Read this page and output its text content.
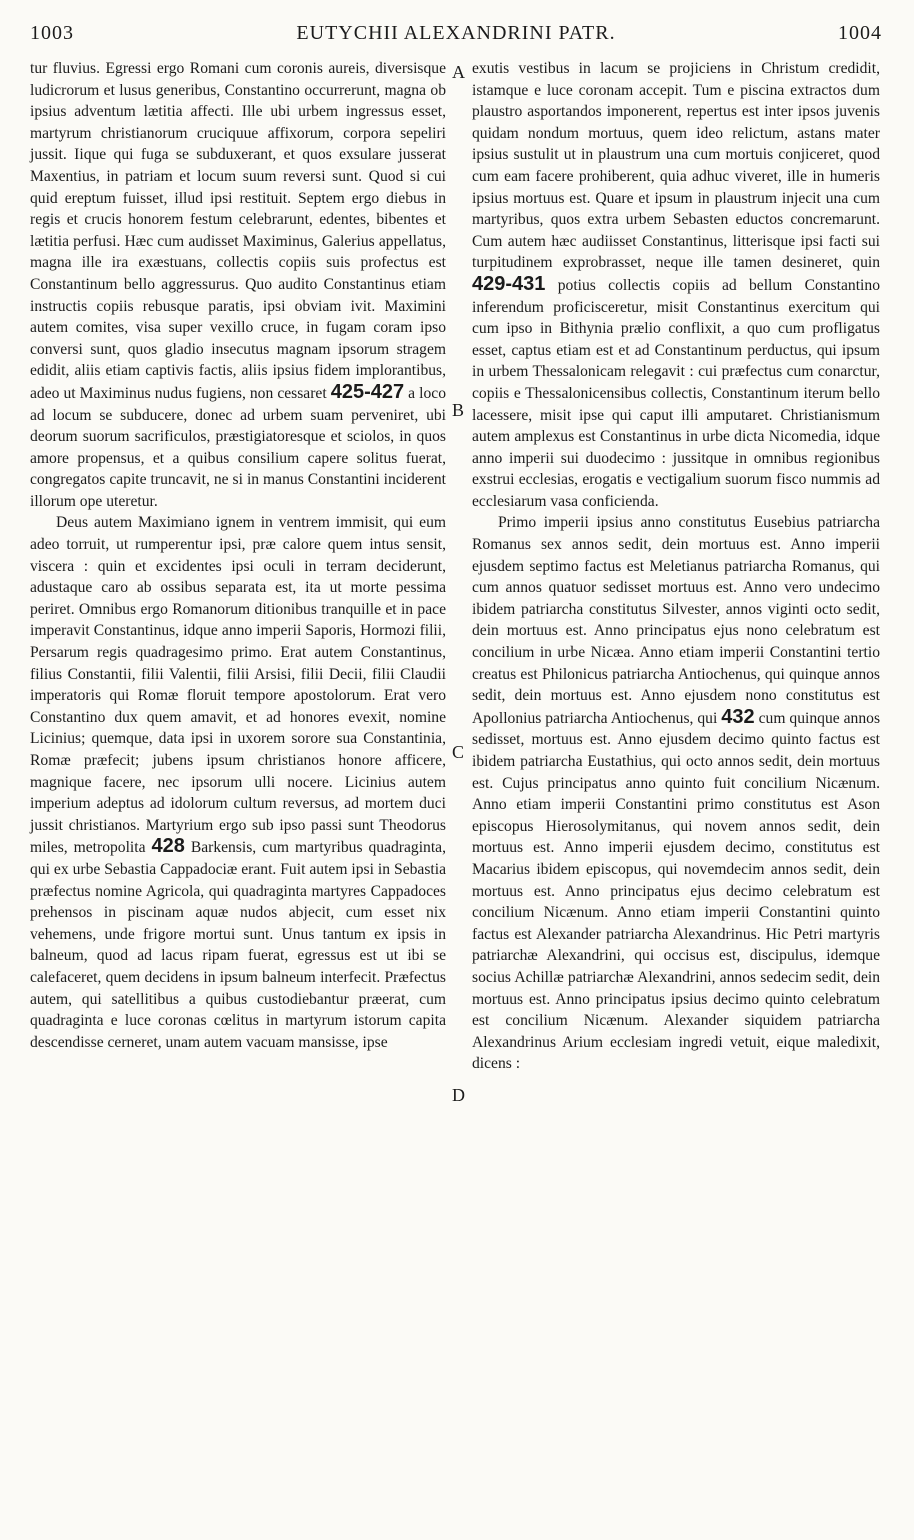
1003	EUTYCHII ALEXANDRINI PATR.	1004

tur fluvius. Egressi ergo Romani cum coronis aureis, diversisque ludicrorum et lusus generibus, Constantino occurrerunt, magna ob ipsius adventum lætitia affecti. Ille ubi urbem ingressus esset, martyrum christianorum cruciquue affixorum, corpora sepeliri jussit. Iique qui fuga se subduxerant, et quos exsulare jusserat Maxentius, in patriam et locum suum reversi sunt. Quod si cui quid ereptum fuisset, illud ipsi restituit. Septem ergo diebus in regis et crucis honorem festum celebrarunt, edentes, bibentes et lætitia perfusi. Hæc cum audisset Maximinus, Galerius appellatus, magna ille ira exæstuans, collectis copiis suis profectus est Constantinum bello aggressurus. Quo audito Constantinus etiam instructis copiis rebusque paratis, ipsi obviam ivit. Maximini autem comites, visa super vexillo cruce, in fugam coram ipso conversi sunt, quos gladio insecutus magnam ipsorum stragem edidit, aliis etiam captivis factis, aliis ipsius fidem implorantibus, adeo ut Maximinus nudus fugiens, non cessaret 425-427 a loco ad locum se subducere, donec ad urbem suam perveniret, ubi deorum suorum sacrificulos, præstigiatoresque et sciolos, in quos amore propensus, et a quibus consilium capere solitus fuerat, congregatos capite truncavit, ne si in manus Constantini inciderent illorum ope uteretur.

Deus autem Maximiano ignem in ventrem immisit, qui eum adeo torruit, ut rumperentur ipsi, præ calore quem intus sensit, viscera : quin et excidentes ipsi oculi in terram deciderunt, adustaque caro ab ossibus separata est, ita ut morte pessima periret. Omnibus ergo Romanorum ditionibus tranquille et in pace imperavit Constantinus, idque anno imperii Saporis, Hormozi filii, Persarum regis quadragesimo primo. Erat autem Constantinus, filius Constantii, filii Valentii, filii Arsisi, filii Decii, filii Claudii imperatoris qui Romæ floruit tempore apostolorum. Erat vero Constantino dux quem amavit, et ad honores evexit, nomine Licinius; quemque, data ipsi in uxorem sorore sua Constantinia, Romæ præfecit; jubens ipsum christianos honore afficere, magnique facere, nec ipsorum ulli nocere. Licinius autem imperium adeptus ad idolorum cultum reversus, ad mortem duci jussit christianos. Martyrium ergo sub ipso passi sunt Theodorus miles, metropolita 428 Barkensis, cum martyribus quadraginta, qui ex urbe Sebastia Cappadociæ erant. Fuit autem ipsi in Sebastia præfectus nomine Agricola, qui quadraginta martyres Cappadoces prehensos in piscinam aquæ nudos abjecit, cum esset nix vehemens, unde frigore mortui sunt. Unus tantum ex ipsis in balneum, quod ad lacus ripam fuerat, egressus est ut ibi se calefaceret, quem decidens in ipsum balneum interfecit. Præfectus autem, qui satellitibus a quibus custodiebantur præerat, cum quadraginta e luce coronas cœlitus in martyrum istorum capita descendisse cerneret, unam autem vacuam mansisse, ipse

A
B
C
D

exutis vestibus in lacum se projiciens in Christum credidit, istamque e luce coronam accepit. Tum e piscina extractos dum plaustro asportandos imponerent, repertus est inter ipsos juvenis quidam nondum mortuus, quem ideo relictum, astans mater ipsius sustulit ut in plaustrum una cum mortuis conjiceret, quod cum eam facere prohiberent, quia adhuc viveret, ille in humeris ipsius mortuus est. Quare et ipsum in plaustrum injecit una cum martyribus, quos extra urbem Sebasten eductos concremarunt. Cum autem hæc audiisset Constantinus, litterisque ipsi facti sui turpitudinem exprobrasset, neque ille tamen desineret, quin 429-431 potius collectis copiis ad bellum Constantino inferendum proficisceretur, misit Constantinus exercitum qui cum ipso in Bithynia prælio conflixit, a quo cum profligatus esset, captus etiam est et ad Constantinum perductus, qui ipsum in urbem Thessalonicam relegavit : cui præfectus cum conarctur, copiis e Thessalonicensibus collectis, Constantinum iterum bello lacessere, misit ipse qui caput illi amputaret. Christianismum autem amplexus est Constantinus in urbe dicta Nicomedia, idque anno imperii sui duodecimo : jussitque in omnibus regionibus exstrui ecclesias, erogatis e vectigalium suorum fisco nummis ad ecclesiarum vasa conficienda.

Primo imperii ipsius anno constitutus Eusebius patriarcha Romanus sex annos sedit, dein mortuus est. Anno imperii ejusdem septimo factus est Meletianus patriarcha Romanus, qui cum annos quatuor sedisset mortuus est. Anno vero undecimo ibidem patriarcha constitutus Silvester, annos viginti octo sedit, dein mortuus est. Anno principatus ejus nono celebratum est concilium in urbe Nicæa. Anno etiam imperii Constantini tertio creatus est Philonicus patriarcha Antiochenus, qui quinque annos sedit, dein mortuus est. Anno ejusdem nono constitutus est Apollonius patriarcha Antiochenus, qui 432 cum quinque annos sedisset, mortuus est. Anno ejusdem decimo quinto factus est ibidem patriarcha Eustathius, qui octo annos sedit, dein mortuus est. Cujus principatus anno quinto fuit concilium Nicænum. Anno etiam imperii Constantini primo constitutus est Ason episcopus Hierosolymitanus, qui novem annos sedit, dein mortuus est. Anno imperii ejusdem decimo, constitutus est Macarius ibidem episcopus, qui novemdecim annos sedit, dein mortuus est. Anno principatus ejus decimo celebratum est concilium Nicænum. Anno etiam imperii Constantini quinto factus est Alexander patriarcha Alexandrinus. Hic Petri martyris patriarchæ Alexandrini, qui occisus est, discipulus, idemque socius Achillæ patriarchæ Alexandrini, annos sedecim sedit, dein mortuus est. Anno principatus ipsius decimo quinto celebratum est concilium Nicænum. Alexander siquidem patriarcha Alexandrinus Arium ecclesiam ingredi vetuit, eique maledixit, dicens :
